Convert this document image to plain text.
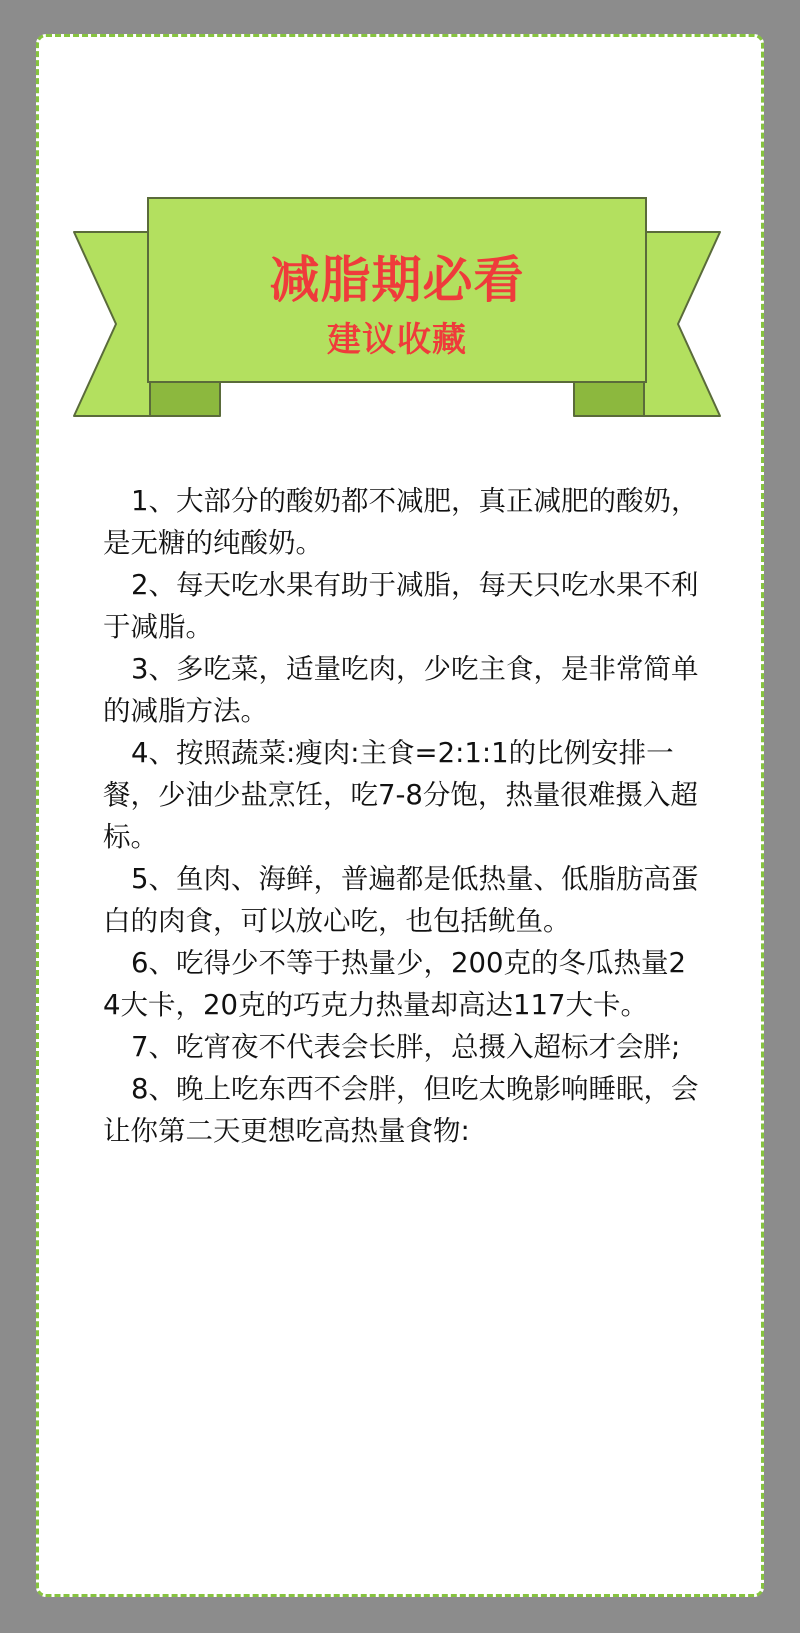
减脂期必看
建议收藏
1、大部分的酸奶都不减肥，真正减肥的酸奶，是无糖的纯酸奶。
2、每天吃水果有助于减脂，每天只吃水果不利于减脂。
3、多吃菜，适量吃肉，少吃主食，是非常简单的减脂方法。
4、按照蔬菜:瘦肉:主食=2:1:1的比例安排一餐，少油少盐烹饪，吃7-8分饱，热量很难摄入超标。
5、鱼肉、海鲜，普遍都是低热量、低脂肪高蛋白的肉食，可以放心吃，也包括鱿鱼。
6、吃得少不等于热量少，200克的冬瓜热量24大卡，20克的巧克力热量却高达117大卡。
7、吃宵夜不代表会长胖，总摄入超标才会胖;
8、晚上吃东西不会胖，但吃太晚影响睡眠，会让你第二天更想吃高热量食物:
